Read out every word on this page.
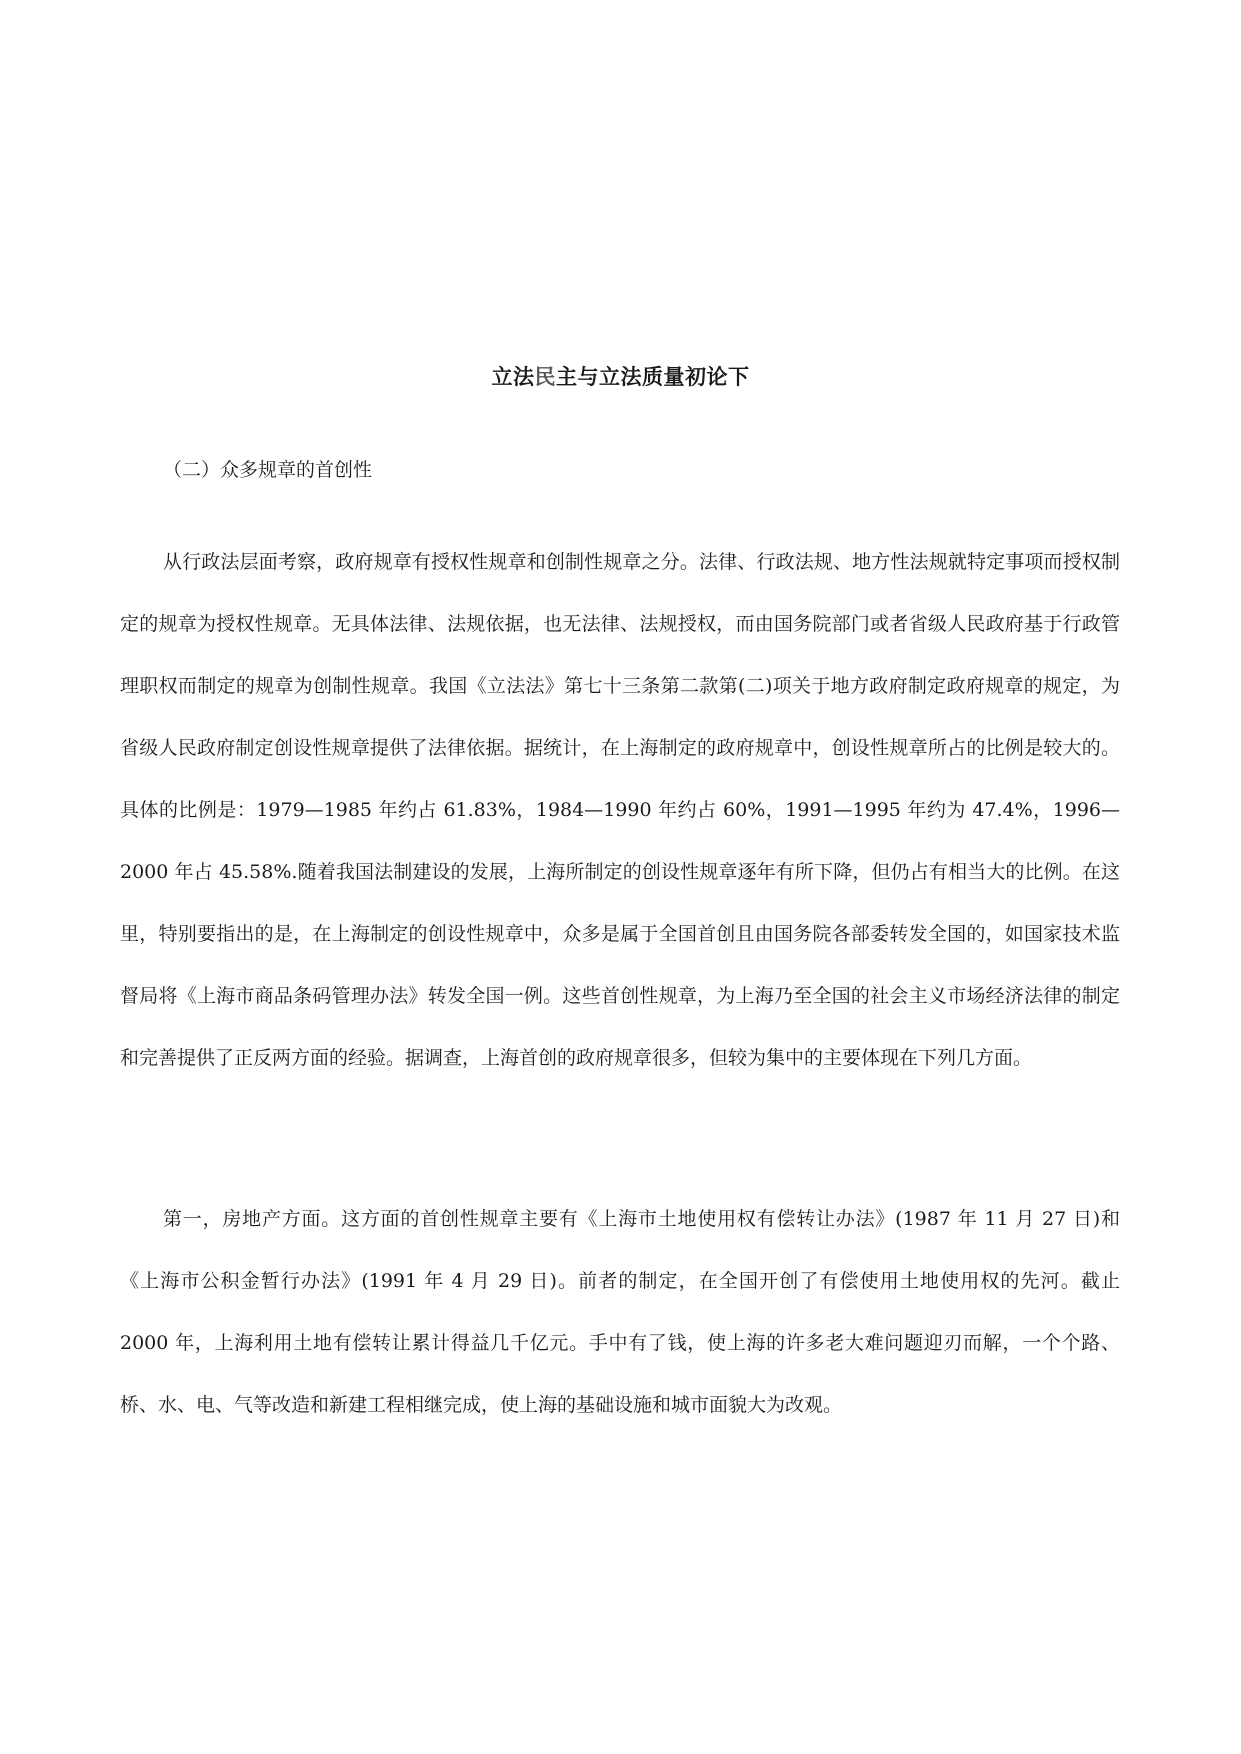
立法民主与立法质量初论下
（二）众多规章的首创性

从行政法层面考察，政府规章有授权性规章和创制性规章之分。法律、行政法规、地方性法规就特定事项而授权制定的规章为授权性规章。无具体法律、法规依据，也无法律、法规授权，而由国务院部门或者省级人民政府基于行政管理职权而制定的规章为创制性规章。我国《立法法》第七十三条第二款第(二)项关于地方政府制定政府规章的规定，为省级人民政府制定创设性规章提供了法律依据。据统计，在上海制定的政府规章中，创设性规章所占的比例是较大的。具体的比例是：1979—1985 年约占 61.83%，1984—1990 年约占 60%，1991—1995 年约为 47.4%，1996—2000 年占 45.58%.随着我国法制建设的发展，上海所制定的创设性规章逐年有所下降，但仍占有相当大的比例。在这里，特别要指出的是，在上海制定的创设性规章中，众多是属于全国首创且由国务院各部委转发全国的，如国家技术监督局将《上海市商品条码管理办法》转发全国一例。这些首创性规章，为上海乃至全国的社会主义市场经济法律的制定和完善提供了正反两方面的经验。据调查，上海首创的政府规章很多，但较为集中的主要体现在下列几方面。

第一，房地产方面。这方面的首创性规章主要有《上海市土地使用权有偿转让办法》(1987 年 11 月 27 日)和《上海市公积金暂行办法》(1991 年 4 月 29 日)。前者的制定，在全国开创了有偿使用土地使用权的先河。截止 2000 年，上海利用土地有偿转让累计得益几千亿元。手中有了钱，使上海的许多老大难问题迎刃而解，一个个路、桥、水、电、气等改造和新建工程相继完成，使上海的基础设施和城市面貌大为改观。
